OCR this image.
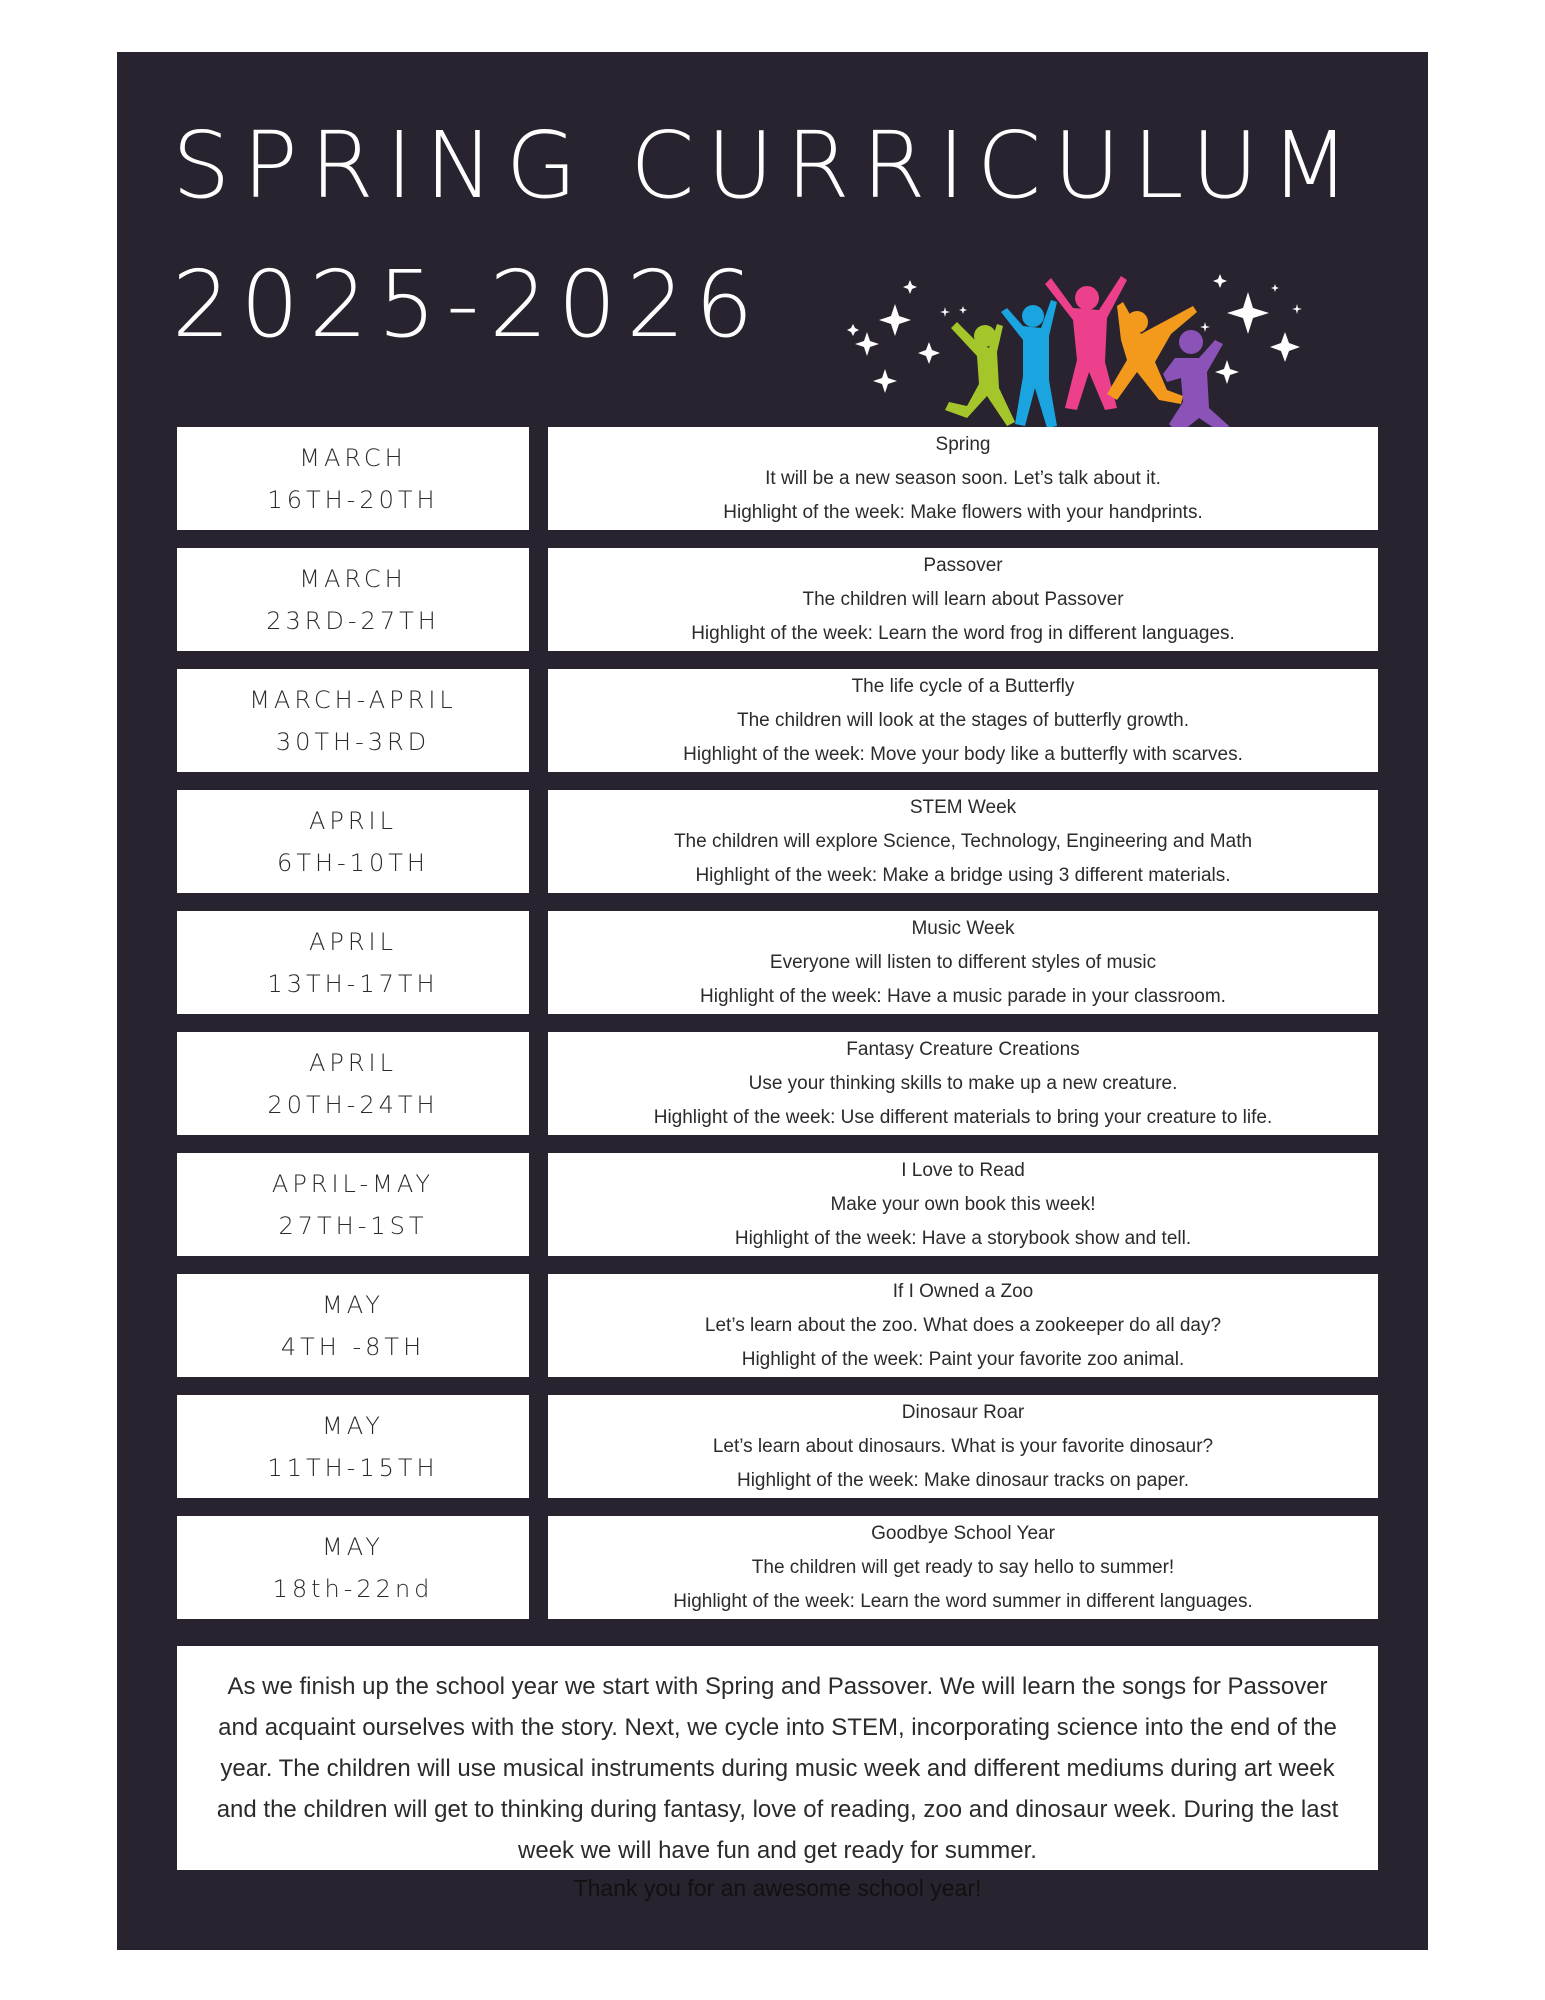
SPRING CURRICULUM
2025-2026
MARCH
16TH-20TH
Spring
It will be a new season soon. Let’s talk about it.
Highlight of the week: Make flowers with your handprints.
MARCH
23RD-27TH
Passover
The children will learn about Passover
Highlight of the week: Learn the word frog in different languages.
MARCH-APRIL
30TH-3RD
The life cycle of a Butterfly
The children will look at the stages of butterfly growth.
Highlight of the week: Move your body like a butterfly with scarves.
APRIL
6TH-10TH
STEM Week
The children will explore Science, Technology, Engineering and Math
Highlight of the week: Make a bridge using 3 different materials.
APRIL
13TH-17TH
Music Week
Everyone will listen to different styles of music
Highlight of the week: Have a music parade in your classroom.
APRIL
20TH-24TH
Fantasy Creature Creations
Use your thinking skills to make up a new creature.
Highlight of the week: Use different materials to bring your creature to life.
APRIL-MAY
27TH-1ST
I Love to Read
Make your own book this week!
Highlight of the week: Have a storybook show and tell.
MAY
4TH -8TH
If I Owned a Zoo
Let’s learn about the zoo. What does a zookeeper do all day?
Highlight of the week: Paint your favorite zoo animal.
MAY
11TH-15TH
Dinosaur Roar
Let’s learn about dinosaurs. What is your favorite dinosaur?
Highlight of the week: Make dinosaur tracks on paper.
MAY
18th-22nd
Goodbye School Year
The children will get ready to say hello to summer!
Highlight of the week: Learn the word summer in different languages.
As we finish up the school year we start with Spring and Passover. We will learn the songs for Passover and acquaint ourselves with the story. Next, we cycle into STEM, incorporating science into the end of the year. The children will use musical instruments during music week and different mediums during art week and the children will get to thinking during fantasy, love of reading, zoo and dinosaur week. During the last week we will have fun and get ready for summer.
Thank you for an awesome school year!
